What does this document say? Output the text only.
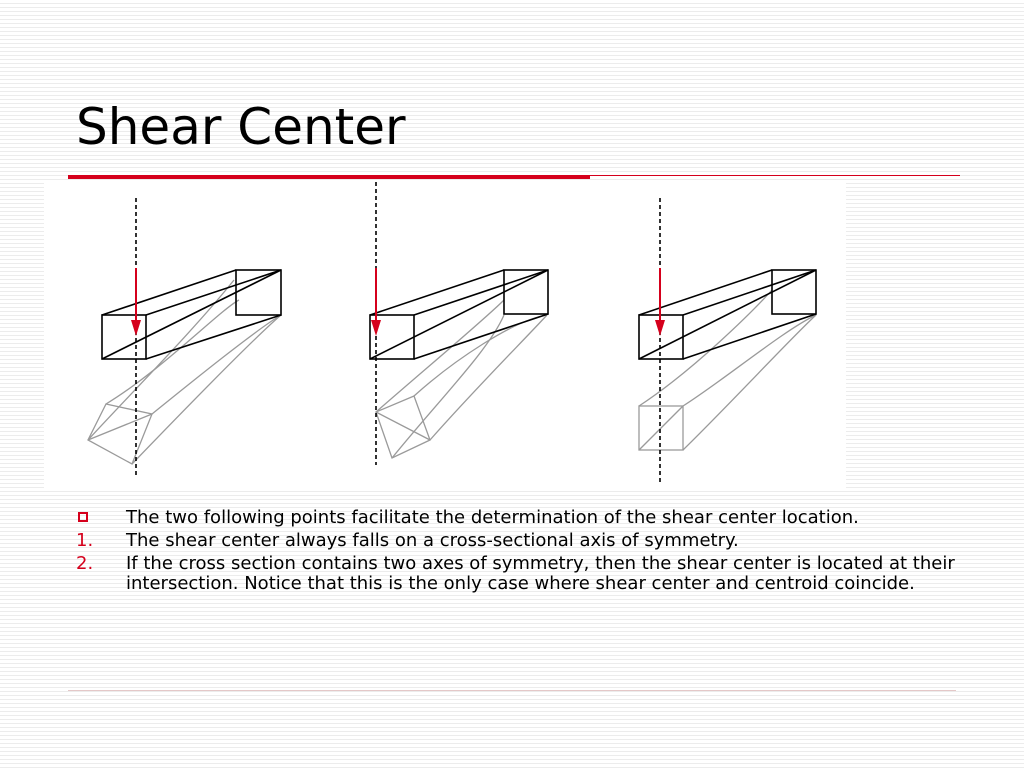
Shear Center
The two following points facilitate the determination of the shear center location.
1. The shear center always falls on a cross-sectional axis of symmetry.
2. If the cross section contains two axes of symmetry, then the shear center is located at their intersection. Notice that this is the only case where shear center and centroid coincide.
